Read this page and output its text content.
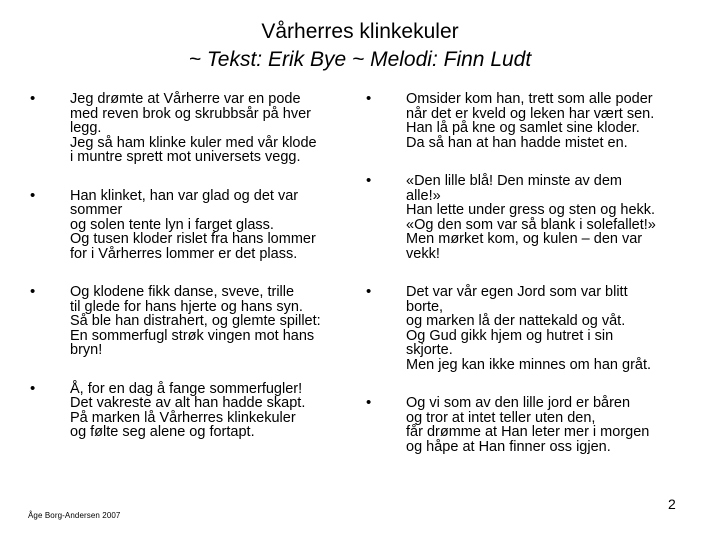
Vårherres klinkekuler
~ Tekst: Erik Bye ~ Melodi: Finn Ludt
• Jeg drømte at Vårherre var en pode
med reven brok og skrubbsår på hver
legg.
Jeg så ham klinke kuler med vår klode
i muntre sprett mot universets vegg.
• Han klinket, han var glad og det var
sommer
og solen tente lyn i farget glass.
Og tusen kloder rislet fra hans lommer
for i Vårherres lommer er det plass.
• Og klodene fikk danse, sveve, trille
til glede for hans hjerte og hans syn.
Så ble han distrahert, og glemte spillet:
En sommerfugl strøk vingen mot hans
bryn!
• Å, for en dag å fange sommerfugler!
Det vakreste av alt han hadde skapt.
På marken lå Vårherres klinkekuler
og følte seg alene og fortapt.
• Omsider kom han, trett som alle poder
når det er kveld og leken har vært sen.
Han lå på kne og samlet sine kloder.
Da så han at han hadde mistet en.
• «Den lille blå! Den minste av dem
alle!»
Han lette under gress og sten og hekk.
«Og den som var så blank i solefallet!»
Men mørket kom, og kulen – den var
vekk!
• Det var vår egen Jord som var blitt
borte,
og marken lå der nattekald og våt.
Og Gud gikk hjem og hutret i sin
skjorte.
Men jeg kan ikke minnes om han gråt.
• Og vi som av den lille jord er båren
og tror at intet teller uten den,
får drømme at Han leter mer i morgen
og håpe at Han finner oss igjen.
Åge Borg-Andersen 2007
2
